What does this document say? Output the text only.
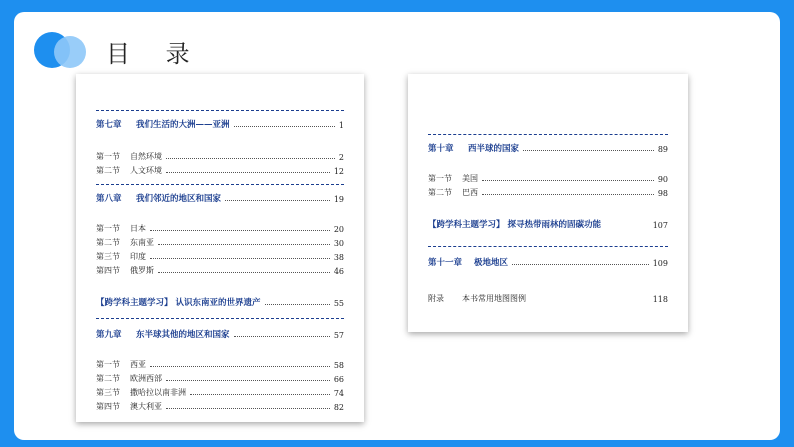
目 录
第七章 我们生活的大洲——亚洲	1
第一节 自然环境	2
第二节 人文环境	12
第八章 我们邻近的地区和国家	19
第一节 日本	20
第二节 东南亚	30
第三节 印度	38
第四节 俄罗斯	46
【跨学科主题学习】 认识东南亚的世界遗产	55
第九章 东半球其他的地区和国家	57
第一节 西亚	58
第二节 欧洲西部	66
第三节 撒哈拉以南非洲	74
第四节 澳大利亚	82
第十章 西半球的国家	89
第一节 美国	90
第二节 巴西	98
【跨学科主题学习】 探寻热带雨林的固碳功能	107
第十一章 极地地区	109
附录 本书常用地图图例	118
